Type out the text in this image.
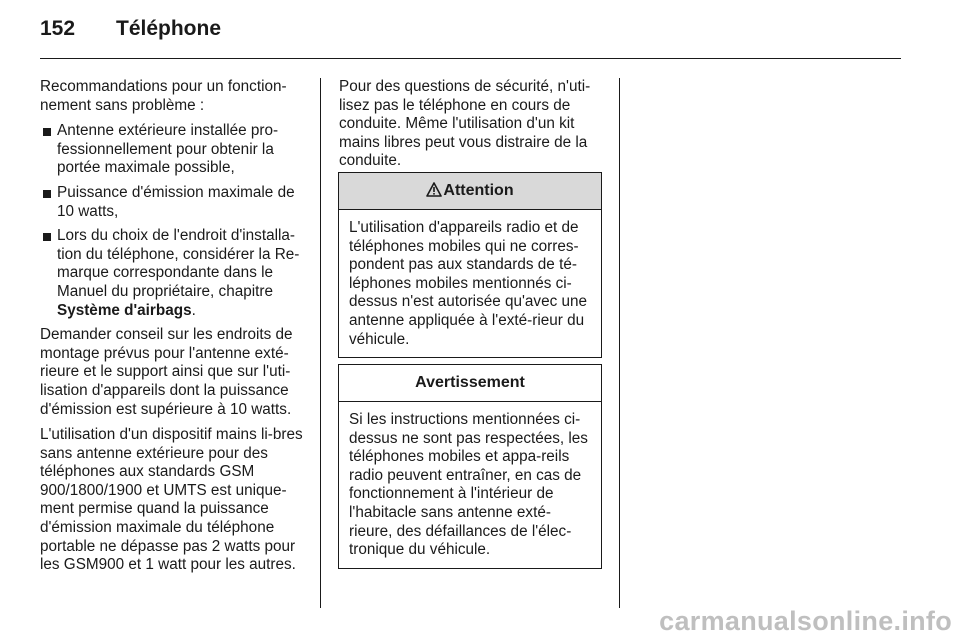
152 Téléphone

Recommandations pour un fonction-nement sans problème :

Antenne extérieure installée pro-fessionnellement pour obtenir la portée maximale possible,
Puissance d'émission maximale de 10 watts,
Lors du choix de l'endroit d'installa-tion du téléphone, considérer la Re-marque correspondante dans le Manuel du propriétaire, chapitre Système d'airbags.

Demander conseil sur les endroits de montage prévus pour l'antenne exté-rieure et le support ainsi que sur l'uti-lisation d'appareils dont la puissance d'émission est supérieure à 10 watts.

L'utilisation d'un dispositif mains li-bres sans antenne extérieure pour des téléphones aux standards GSM 900/1800/1900 et UMTS est unique-ment permise quand la puissance d'émission maximale du téléphone portable ne dépasse pas 2 watts pour les GSM900 et 1 watt pour les autres.

Pour des questions de sécurité, n'uti-lisez pas le téléphone en cours de conduite. Même l'utilisation d'un kit mains libres peut vous distraire de la conduite.

Attention
L'utilisation d'appareils radio et de téléphones mobiles qui ne corres-pondent pas aux standards de té-léphones mobiles mentionnés ci-dessus n'est autorisée qu'avec une antenne appliquée à l'exté-rieur du véhicule.
Avertissement
Si les instructions mentionnées ci-dessus ne sont pas respectées, les téléphones mobiles et appa-reils radio peuvent entraîner, en cas de fonctionnement à l'intérieur de l'habitacle sans antenne exté-rieure, des défaillances de l'élec-tronique du véhicule.
carmanualsonline.info
